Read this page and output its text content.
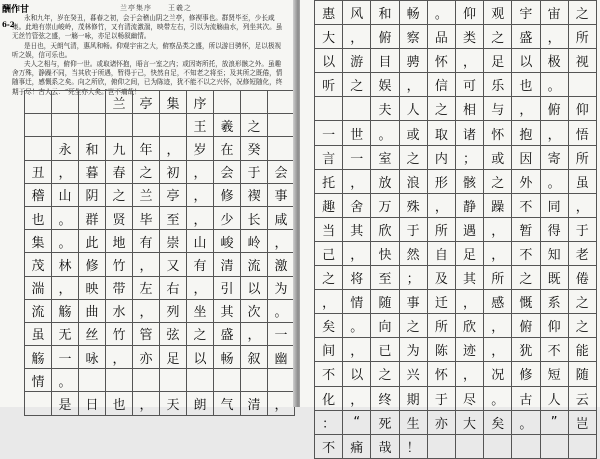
兰亭集序　　王羲之
酬作甘
6-2

永和九年，岁在癸丑，暮春之初，会于会稽山阴之兰亭，修禊事也。群贤毕至，少长咸集。此地有崇山峻岭，茂林修竹，又有清流激湍，映带左右，引以为流觞曲水，列坐其次。虽无丝竹管弦之盛，一觞一咏，亦足以畅叙幽情。

是日也，天朗气清，惠风和畅。仰观宇宙之大，俯察品类之盛，所以游目骋怀，足以极视听之娱，信可乐也。

夫人之相与，俯仰一世。或取诸怀抱，晤言一室之内；或因寄所托，放浪形骸之外。虽趣舍万殊，静躁不同，当其欣于所遇，暂得于己，快然自足，不知老之将至；及其所之既倦，情随事迁，感慨系之矣。向之所欣，俯仰之间，已为陈迹，犹不能不以之兴怀，况修短随化，终期于尽！古人云：“死生亦大矣。”岂不痛哉！

			兰	亭	集	序			
						王	羲	之	
	永	和	九	年	，	岁	在	癸	
丑	，	暮	春	之	初	，	会	于	会
稽	山	阴	之	兰	亭	，	修	禊	事
也	。	群	贤	毕	至	，	少	长	咸
集	。	此	地	有	崇	山	峻	岭	，
茂	林	修	竹	，	又	有	清	流	激
湍	，	映	带	左	右	，	引	以	为
流	觞	曲	水	，	列	坐	其	次	。
虽	无	丝	竹	管	弦	之	盛	，	一
觞	一	咏	，	亦	足	以	畅	叙	幽
情	。								
	是	日	也	，	天	朗	气	清	，
惠	风	和	畅	。	仰	观	宇	宙	之
大	，	俯	察	品	类	之	盛	，	所
以	游	目	骋	怀	，	足	以	极	视
听	之	娱	，	信	可	乐	也	。	
		夫	人	之	相	与	，	俯	仰
一	世	。	或	取	诸	怀	抱	，	悟
言	一	室	之	内	；	或	因	寄	所
托	，	放	浪	形	骸	之	外	。	虽
趣	舍	万	殊	，	静	躁	不	同	，
当	其	欣	于	所	遇	，	暂	得	于
己	，	快	然	自	足	，	不	知	老
之	将	至	；	及	其	所	之	既	倦
，	情	随	事	迁	，	感	慨	系	之
矣	。	向	之	所	欣	，	俯	仰	之
间	，	已	为	陈	迹	，	犹	不	能
不	以	之	兴	怀	，	况	修	短	随
化	，	终	期	于	尽	。	古	人	云
：	“	死	生	亦	大	矣	。	”	岂
不	痛	哉	！						
